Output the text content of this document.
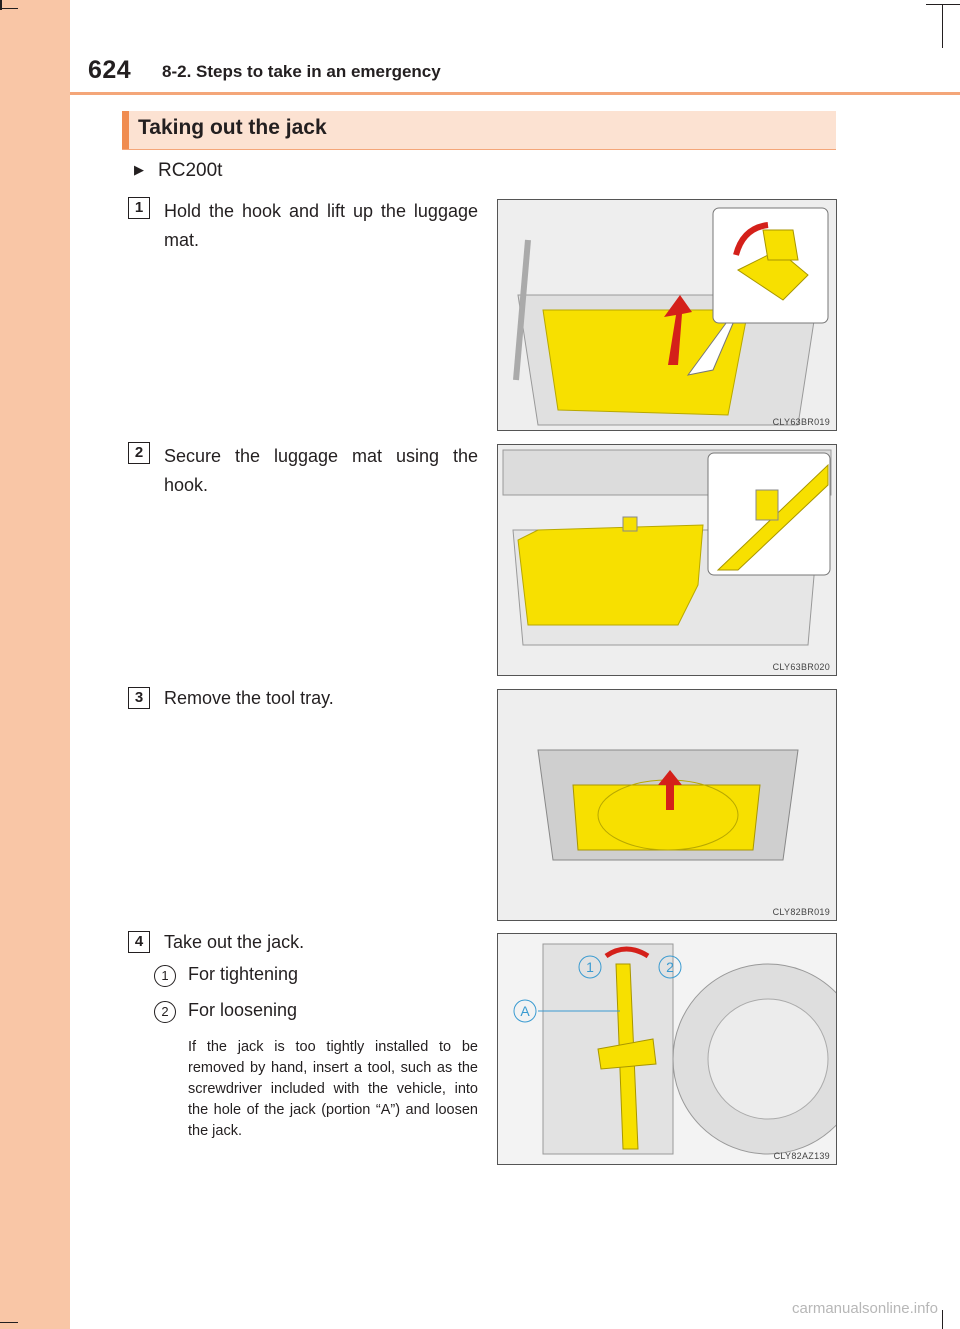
624 8-2. Steps to take in an emergency
Taking out the jack
▶ RC200t
1	Hold the hook and lift up the luggage mat.
CLY63BR019
2	Secure the luggage mat using the hook.
CLY63BR020
3	Remove the tool tray.
CLY82BR019
4	Take out the jack.
1	For tightening
2	For loosening
If the jack is too tightly installed to be removed by hand, insert a tool, such as the screwdriver included with the vehicle, into the hole of the jack (portion “A”) and loosen the jack.
A
1	2
CLY82AZ139
carmanualsonline.info
